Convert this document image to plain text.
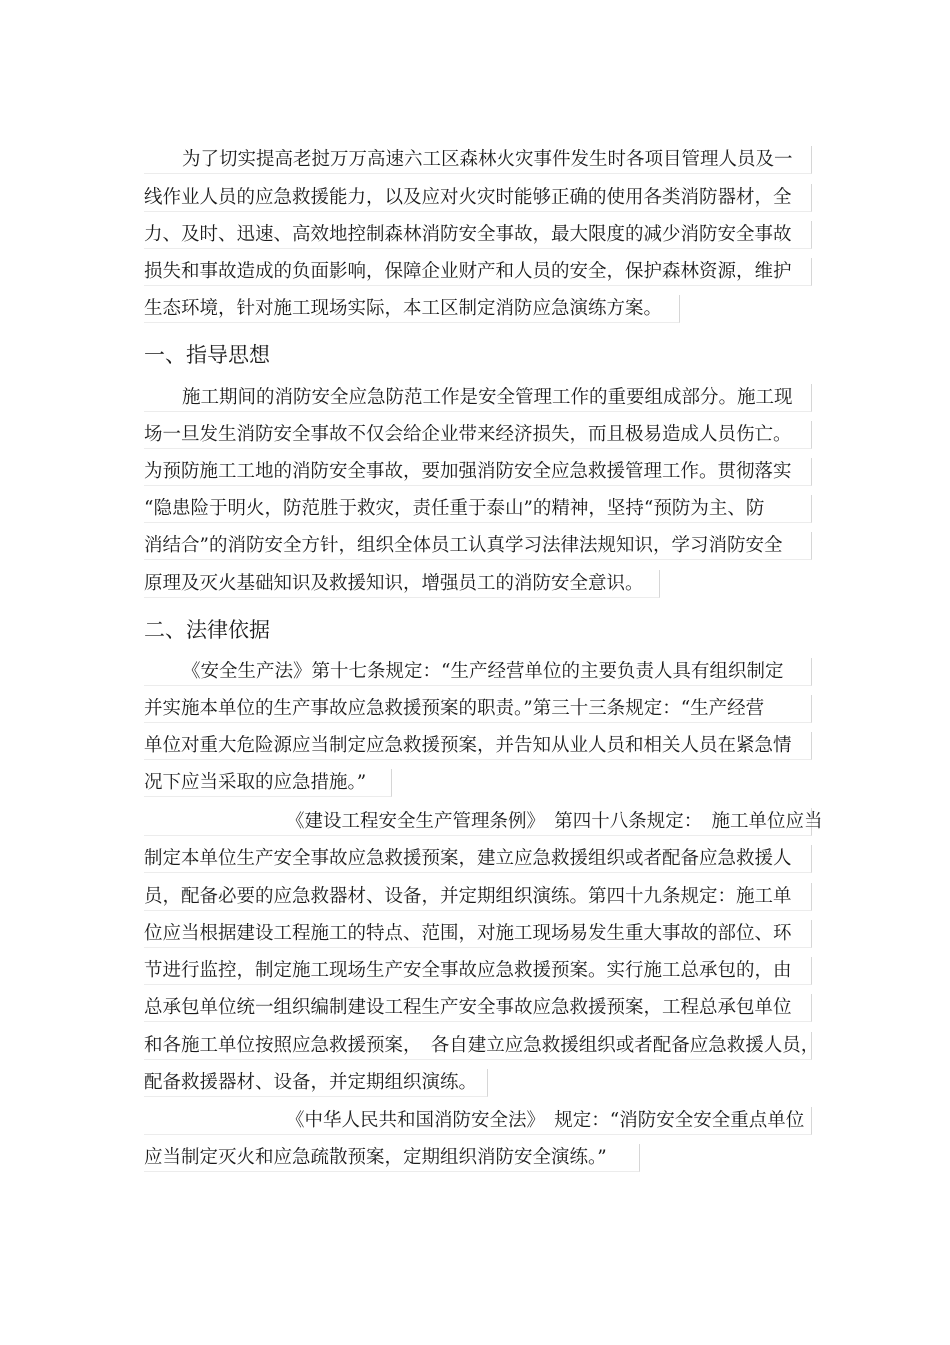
为了切实提高老挝万万高速六工区森林火灾事件发生时各项目管理人员及一
线作业人员的应急救援能力，以及应对火灾时能够正确的使用各类消防器材，全
力、及时、迅速、高效地控制森林消防安全事故，最大限度的减少消防安全事故
损失和事故造成的负面影响，保障企业财产和人员的安全，保护森林资源，维护
生态环境，针对施工现场实际，本工区制定消防应急演练方案。
一、指导思想
施工期间的消防安全应急防范工作是安全管理工作的重要组成部分。施工现
场一旦发生消防安全事故不仅会给企业带来经济损失，而且极易造成人员伤亡。
为预防施工工地的消防安全事故，要加强消防安全应急救援管理工作。贯彻落实
“隐患险于明火，防范胜于救灾，责任重于泰山”的精神，坚持“预防为主、防
消结合”的消防安全方针，组织全体员工认真学习法律法规知识，学习消防安全
原理及灭火基础知识及救援知识，增强员工的消防安全意识。
二、法律依据
《安全生产法》第十七条规定：“生产经营单位的主要负责人具有组织制定
并实施本单位的生产事故应急救援预案的职责。”第三十三条规定：“生产经营
单位对重大危险源应当制定应急救援预案，并告知从业人员和相关人员在紧急情
况下应当采取的应急措施。”
《建设工程安全生产管理条例》　第四十八条规定：　施工单位应当
制定本单位生产安全事故应急救援预案，建立应急救援组织或者配备应急救援人
员，配备必要的应急救器材、设备，并定期组织演练。第四十九条规定：施工单
位应当根据建设工程施工的特点、范围，对施工现场易发生重大事故的部位、环
节进行监控，制定施工现场生产安全事故应急救援预案。实行施工总承包的，由
总承包单位统一组织编制建设工程生产安全事故应急救援预案，工程总承包单位
和各施工单位按照应急救援预案，　各自建立应急救援组织或者配备应急救援人员，
配备救援器材、设备，并定期组织演练。
《中华人民共和国消防安全法》　规定：“消防安全安全重点单位
应当制定灭火和应急疏散预案，定期组织消防安全演练。”
